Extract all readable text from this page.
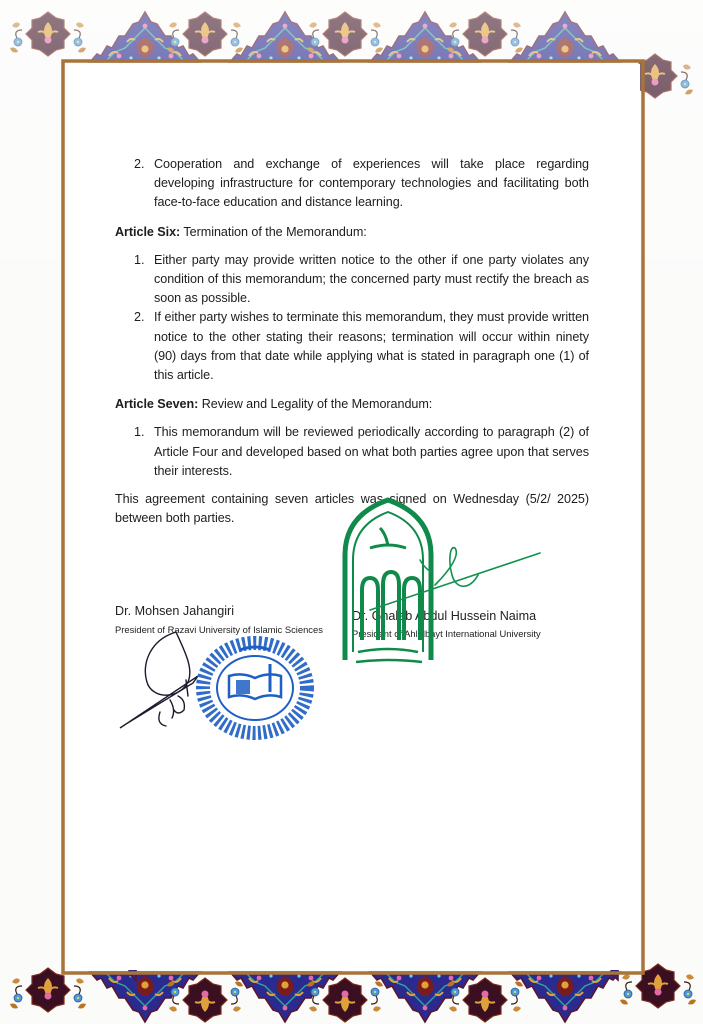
2. Cooperation and exchange of experiences will take place regarding developing infrastructure for contemporary technologies and facilitating both face-to-face education and distance learning.
Article Six: Termination of the Memorandum:
1. Either party may provide written notice to the other if one party violates any condition of this memorandum; the concerned party must rectify the breach as soon as possible.
2. If either party wishes to terminate this memorandum, they must provide written notice to the other stating their reasons; termination will occur within ninety (90) days from that date while applying what is stated in paragraph one (1) of this article.
Article Seven: Review and Legality of the Memorandum:
1. This memorandum will be reviewed periodically according to paragraph (2) of Article Four and developed based on what both parties agree upon that serves their interests.
This agreement containing seven articles was signed on Wednesday (5/2/ 2025) between both parties.
Dr. Mohsen Jahangiri
President of Razavi University of Islamic Sciences
Dr. Ghaleb Abdul Hussein Naima
President of Ahlulbayt International University
